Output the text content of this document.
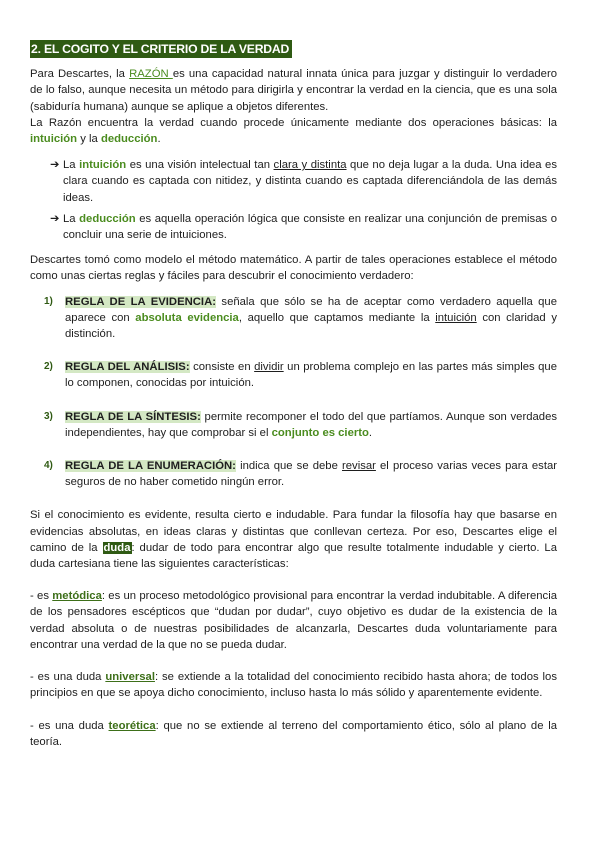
2. EL COGITO Y EL CRITERIO DE LA VERDAD

Para Descartes, la RAZÓN es una capacidad natural innata única para juzgar y distinguir lo verdadero de lo falso, aunque necesita un método para dirigirla y encontrar la verdad en la ciencia, que es una sola (sabiduría humana) aunque se aplique a objetos diferentes.
La Razón encuentra la verdad cuando procede únicamente mediante dos operaciones básicas: la intuición y la deducción.

➔ La intuición es una visión intelectual tan clara y distinta que no deja lugar a la duda. Una idea es clara cuando es captada con nitidez, y distinta cuando es captada diferenciándola de las demás ideas.
➔ La deducción es aquella operación lógica que consiste en realizar una conjunción de premisas o concluir una serie de intuiciones.

Descartes tomó como modelo el método matemático. A partir de tales operaciones establece el método como unas ciertas reglas y fáciles para descubrir el conocimiento verdadero:

1) REGLA DE LA EVIDENCIA: señala que sólo se ha de aceptar como verdadero aquella que aparece con absoluta evidencia, aquello que captamos mediante la intuición con claridad y distinción.
2) REGLA DEL ANÁLISIS: consiste en dividir un problema complejo en las partes más simples que lo componen, conocidas por intuición.
3) REGLA DE LA SÍNTESIS: permite recomponer el todo del que partíamos. Aunque son verdades independientes, hay que comprobar si el conjunto es cierto.
4) REGLA DE LA ENUMERACIÓN: indica que se debe revisar el proceso varias veces para estar seguros de no haber cometido ningún error.

Si el conocimiento es evidente, resulta cierto e indudable. Para fundar la filosofía hay que basarse en evidencias absolutas, en ideas claras y distintas que conllevan certeza. Por eso, Descartes elige el camino de la duda: dudar de todo para encontrar algo que resulte totalmente indudable y cierto. La duda cartesiana tiene las siguientes características:

- es metódica: es un proceso metodológico provisional para encontrar la verdad indubitable. A diferencia de los pensadores escépticos que “dudan por dudar”, cuyo objetivo es dudar de la existencia de la verdad absoluta o de nuestras posibilidades de alcanzarla, Descartes duda voluntariamente para encontrar una verdad de la que no se pueda dudar.

- es una duda universal: se extiende a la totalidad del conocimiento recibido hasta ahora; de todos los principios en que se apoya dicho conocimiento, incluso hasta lo más sólido y aparentemente evidente.

- es una duda teorética: que no se extiende al terreno del comportamiento ético, sólo al plano de la teoría.
